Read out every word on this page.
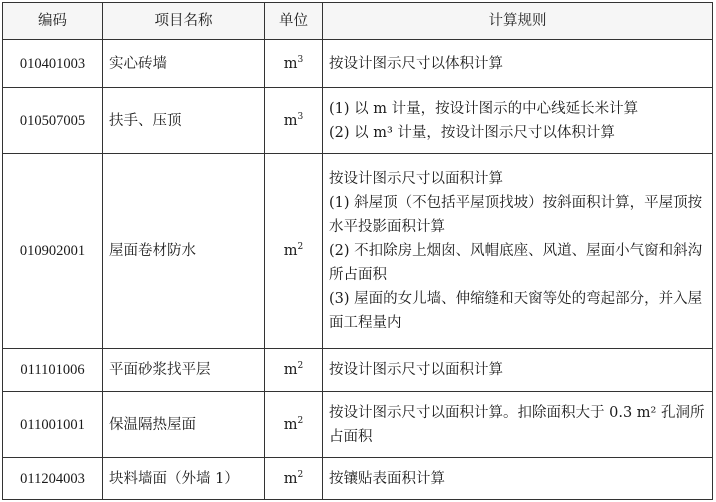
编码	项目名称	单位	计算规则
010401003	实心砖墙	$m^3$	按设计图示尺寸以体积计算

010507005	扶手、压顶	$m^3$	(1) 以 m 计量，按设计图示的中心线延长米计算
(2) 以 m³ 计量，按设计图示尺寸以体积计算

010902001	屋面卷材防水	$m^2$	按设计图示尺寸以面积计算
(1) 斜屋顶（不包括平屋顶找坡）按斜面积计算，平屋顶按水平投影面积计算
(2) 不扣除房上烟囱、风帽底座、风道、屋面小气窗和斜沟所占面积
(3) 屋面的女儿墙、伸缩缝和天窗等处的弯起部分，并入屋面工程量内

011101006	平面砂浆找平层	$m^2$	按设计图示尺寸以面积计算

011001001	保温隔热屋面	$m^2$	按设计图示尺寸以面积计算。扣除面积大于 0.3 m² 孔洞所占面积

011204003	块料墙面（外墙 1）	$m^2$	按镶贴表面积计算
